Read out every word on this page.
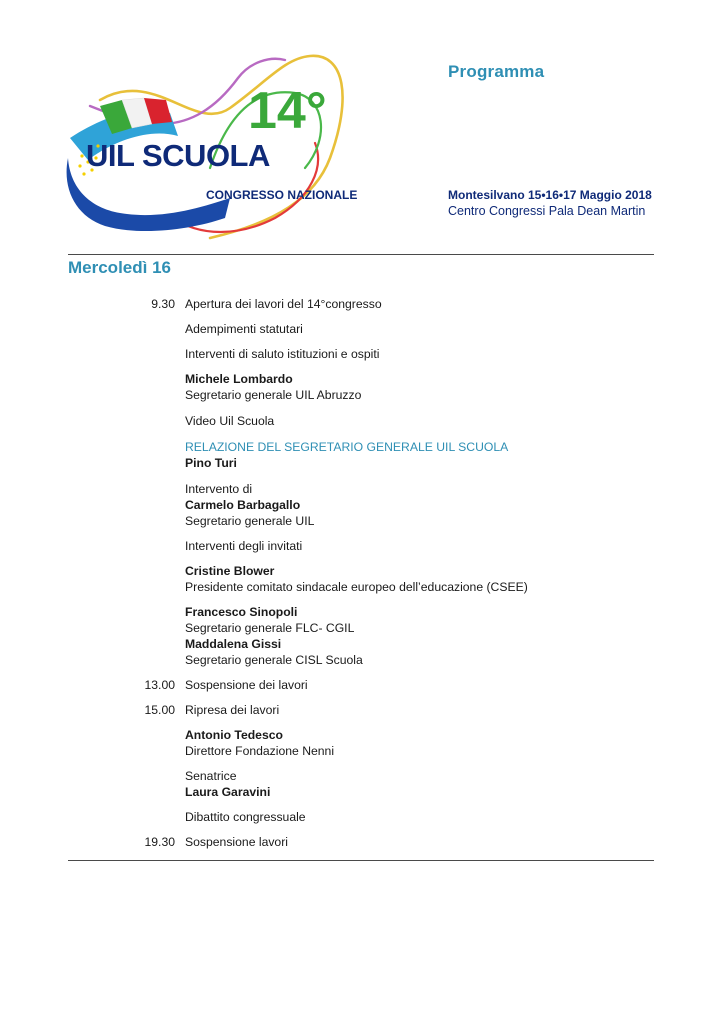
14°
UIL SCUOLA
CONGRESSO NAZIONALE
Programma
Montesilvano 15•16•17 Maggio 2018
Centro Congressi Pala Dean Martin
Mercoledì 16
9.30 Apertura dei lavori del 14°congresso
Adempimenti statutari
Interventi di saluto istituzioni e ospiti
Michele Lombardo
Segretario generale UIL Abruzzo
Video Uil Scuola
RELAZIONE DEL SEGRETARIO GENERALE UIL SCUOLA
Pino Turi
Intervento di
Carmelo Barbagallo
Segretario generale UIL
Interventi degli invitati
Cristine Blower
Presidente comitato sindacale europeo dell’educazione (CSEE)
Francesco Sinopoli
Segretario generale FLC- CGIL
Maddalena Gissi
Segretario generale CISL Scuola
13.00 Sospensione dei lavori
15.00 Ripresa dei lavori
Antonio Tedesco
Direttore Fondazione Nenni
Senatrice
Laura Garavini
Dibattito congressuale
19.30 Sospensione lavori
